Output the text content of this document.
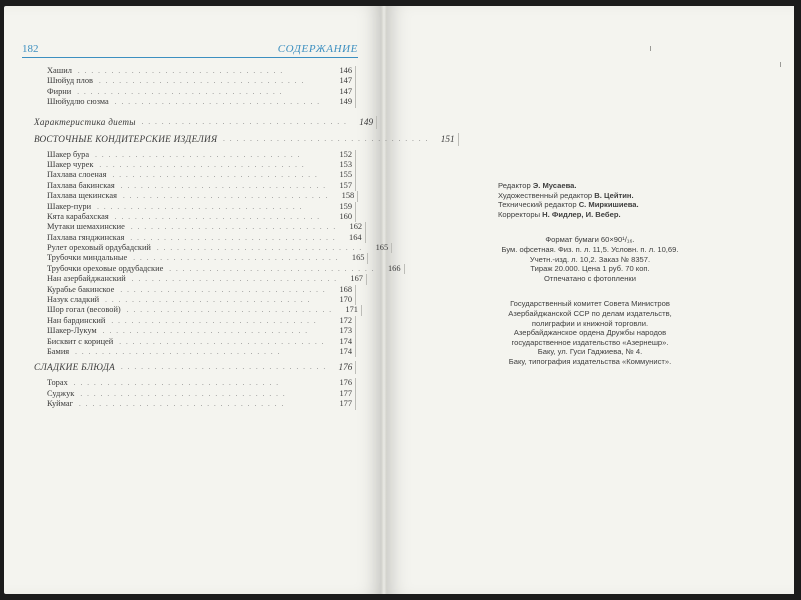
182	СОДЕРЖАНИЕ
Хашил ...............................	146
Шюйуд плов ...............................	147
Фирни ...............................	147
Шюйудлю сюзма ...............................	149
Характеристика диеты ............................... 149
ВОСТОЧНЫЕ КОНДИТЕРСКИЕ ИЗДЕЛИЯ ............................... 151
Шакер бура ...............................	152
Шакер чурек ...............................	153
Пахлава слоеная ...............................	155
Пахлава бакинская ...............................	157
Пахлава щекинская ...............................	158
Шакер-пури ...............................	159
Кята карабахская ...............................	160
Мутаки шемахинские ...............................	162
Пахлава гянджинская ...............................	164
Рулет ореховый ордубадский ...............................	165
Трубочки миндальные ...............................	165
Трубочки ореховые ордубадские ...............................	166
Нан азербайджанский ...............................	167
Курабье бакинское ...............................	168
Назук сладкий ...............................	170
Шор гогал (весовой) ...............................	171
Нан бардинский ...............................	172
Шакер-Лукум ...............................	173
Бисквит с корицей ...............................	174
Бамия ...............................	174
СЛАДКИЕ БЛЮДА ............................... 176
Торах ...............................	176
Суджук ...............................	177
Куймаг ...............................	177
Редактор Э. Мусаева.
Художественный редактор В. Цейтин.
Технический редактор С. Миркишиева.
Корректоры Н. Фидлер, И. Вебер.
Формат бумаги 60×90¹/₁₆.
Бум. офсетная. Физ. п. л. 11,5. Условн. п. л. 10,69.
Учетн.-изд. л. 10,2. Заказ № 8357.
Тираж 20.000. Цена 1 руб. 70 коп.
Отпечатано с фотопленки
Государственный комитет Совета Министров
Азербайджанской ССР по делам издательств,
полиграфии и книжной торговли.
Азербайджанское ордена Дружбы народов
государственное издательство «Азернешр».
Баку, ул. Гуси Гаджиева, № 4.
Баку, типография издательства «Коммунист».
